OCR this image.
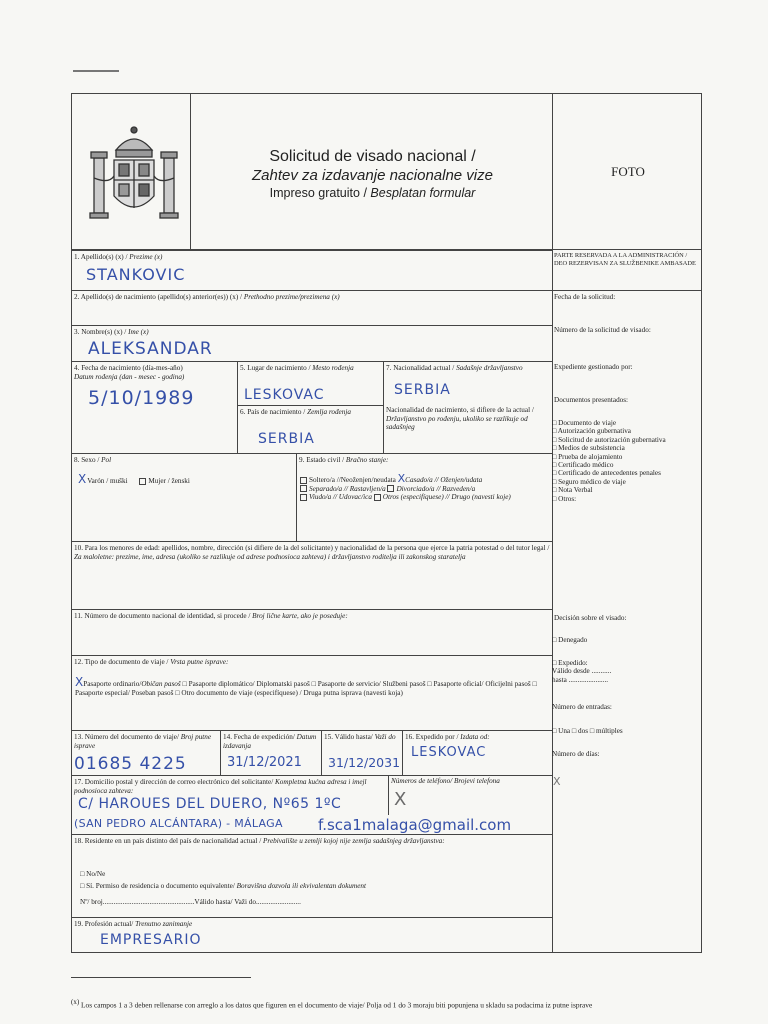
Solicitud de visado nacional /
Zahtev za izdavanje nacionalne vize
Impreso gratuito / Besplatan formular
FOTO
1. Apellido(s) (x) / Prezime (x)
STANKOVIC
2. Apellido(s) de nacimiento (apellido(s) anterior(es)) (x) / Prethodno prezime/prezimena (x)
3. Nombre(s) (x) / Ime (x)
ALEKSANDAR
4. Fecha de nacimiento (día-mes-año)
Datum rođenja (dan - mesec - godina)
5/10/1989
5. Lugar de nacimiento / Mesto rođenja
LESKOVAC
6. País de nacimiento / Zemlja rođenja
SERBIA
7. Nacionalidad actual / Sadašnje državljanstvo
SERBIA
Nacionalidad de nacimiento, si difiere de la actual / Državljanstvo po rođenju, ukoliko se razlikuje od sadašnjeg
8. Sexo / Pol
XVarón / muški	Mujer / ženski
9. Estado civil / Bračno stanje:
Soltero/a //Neoženjen/neudata XCasado/a // Oženjen/udata
Separado/a // Rastavljen/a Divorciado/a // Razveden/a
Viudo/a // Udovac/ica Otros (especifíquese) // Drugo (navesti koje)
10. Para los menores de edad: apellidos, nombre, dirección (si difiere de la del solicitante) y nacionalidad de la persona que ejerce la patria potestad o del tutor legal / Za maloletne: prezime, ime, adresa (ukoliko se razlikuje od adrese podnosioca zahteva) i državljanstvo roditelja ili zakonskog staratelja
11. Número de documento nacional de identidad, si procede / Broj lične karte, ako je poseduje:
12. Tipo de documento de viaje / Vrsta putne isprave:
XPasaporte ordinario/Običan pasoš □ Pasaporte diplomático/ Diplomatski pasoš □ Pasaporte de servicio/ Službeni pasoš □ Pasaporte oficial/ Oficijelni pasoš □ Pasaporte especial/ Poseban pasoš □ Otro documento de viaje (especifíquese) / Druga putna isprava (navesti koja)
13. Número del documento de viaje/ Broj putne isprave
01685 4225
14. Fecha de expedición/ Datum izdavanja
31/12/2021
15. Válido hasta/ Važi do
31/12/2031
16. Expedido por / Izdata od:
LESKOVAC
17. Domicilio postal y dirección de correo electrónico del solicitante/ Kompletna kućna adresa i imejl podnosioca zahteva:
C/ HAROUES DEL DUERO, Nº65 1ºC
(SAN PEDRO ALCÁNTARA) - MÁLAGA f.sca1malaga@gmail.com
Números de teléfono/ Brojevi telefona
X
18. Residente en un país distinto del país de nacionalidad actual / Prebivalište u zemlji kojoj nije zemlja sadašnjeg državljanstva:
□ No/Ne
□ Sí. Permiso de residencia o documento equivalente/ Boravišna dozvola ili ekvivalentan dokument
Nº/ broj...................................................Válido hasta/ Važi do.........................
19. Profesión actual/ Trenutno zanimanje
EMPRESARIO
PARTE RESERVADA A LA ADMINISTRACIÓN / DEO REZERVISAN ZA SLUŽBENIKE AMBASADE
Fecha de la solicitud:
Número de la solicitud de visado:
Expediente gestionado por:
Documentos presentados:
□ Documento de viaje
□ Autorización gubernativa
□ Solicitud de autorización gubernativa
□ Medios de subsistencia
□ Prueba de alojamiento
□ Certificado médico
□ Certificado de antecedentes penales
□ Seguro médico de viaje
□ Nota Verbal
□ Otros:
Decisión sobre el visado:
□ Denegado
□ Expedido:
Válido desde ...........
hasta ......................
Número de entradas:
□ Una □ dos □ múltiples
Número de días:
X
$^{(x)}$ Los campos 1 a 3 deben rellenarse con arreglo a los datos que figuren en el documento de viaje/ Polja od 1 do 3 moraju biti popunjena u skladu sa podacima iz putne isprave
